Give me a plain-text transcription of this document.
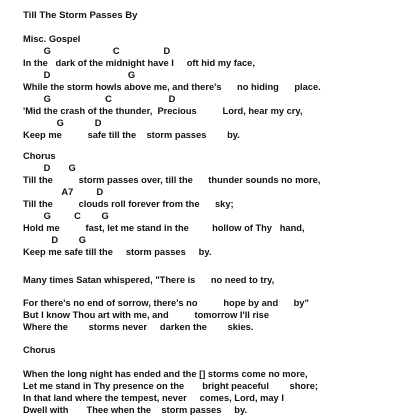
Till The Storm Passes By
Misc. Gospel
G                        C                 D
In the   dark of the midnight have I     oft hid my face,
D                              G
While the storm howls above me, and there's      no hiding      place.
G                     C                      D
'Mid the crash of the thunder,  Precious          Lord, hear my cry,
G            D
Keep me          safe till the    storm passes        by.
Chorus
D       G
Till the          storm passes over, till the      thunder sounds no more,
A7         D
Till the          clouds roll forever from the      sky;
G         C        G
Hold me          fast, let me stand in the         hollow of Thy   hand,
D        G
Keep me safe till the     storm passes     by.
Many times Satan whispered, "There is      no need to try,
For there's no end of sorrow, there's no          hope by and      by"
But I know Thou art with me, and          tomorrow I'll rise
Where the        storms never     darken the        skies.
Chorus
When the long night has ended and the [] storms come no more,
Let me stand in Thy presence on the       bright peaceful        shore;
In that land where the tempest, never     comes, Lord, may I
Dwell with       Thee when the    storm passes     by.
